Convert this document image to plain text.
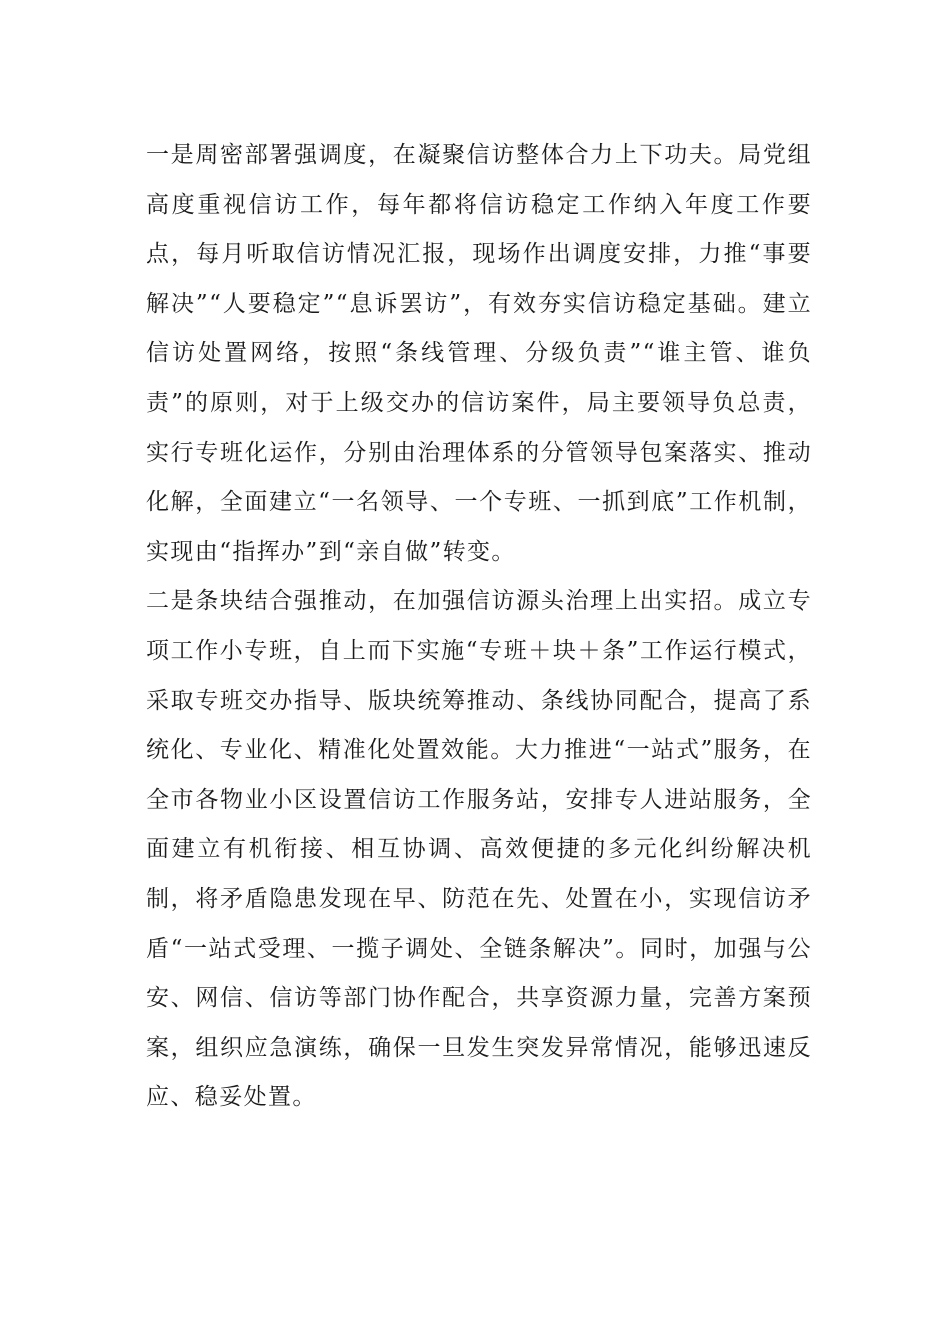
一是周密部署强调度，在凝聚信访整体合力上下功夫。局党组高度重视信访工作，每年都将信访稳定工作纳入年度工作要点，每月听取信访情况汇报，现场作出调度安排，力推“事要解决”“人要稳定”“息诉罢访”，有效夯实信访稳定基础。建立信访处置网络，按照“条线管理、分级负责”“谁主管、谁负责”的原则，对于上级交办的信访案件，局主要领导负总责，实行专班化运作，分别由治理体系的分管领导包案落实、推动化解，全面建立“一名领导、一个专班、一抓到底”工作机制，实现由“指挥办”到“亲自做”转变。

二是条块结合强推动，在加强信访源头治理上出实招。成立专项工作小专班，自上而下实施“专班＋块＋条”工作运行模式，采取专班交办指导、版块统筹推动、条线协同配合，提高了系统化、专业化、精准化处置效能。大力推进“一站式”服务，在全市各物业小区设置信访工作服务站，安排专人进站服务，全面建立有机衔接、相互协调、高效便捷的多元化纠纷解决机制，将矛盾隐患发现在早、防范在先、处置在小，实现信访矛盾“一站式受理、一揽子调处、全链条解决”。同时，加强与公安、网信、信访等部门协作配合，共享资源力量，完善方案预案，组织应急演练，确保一旦发生突发异常情况，能够迅速反应、稳妥处置。
